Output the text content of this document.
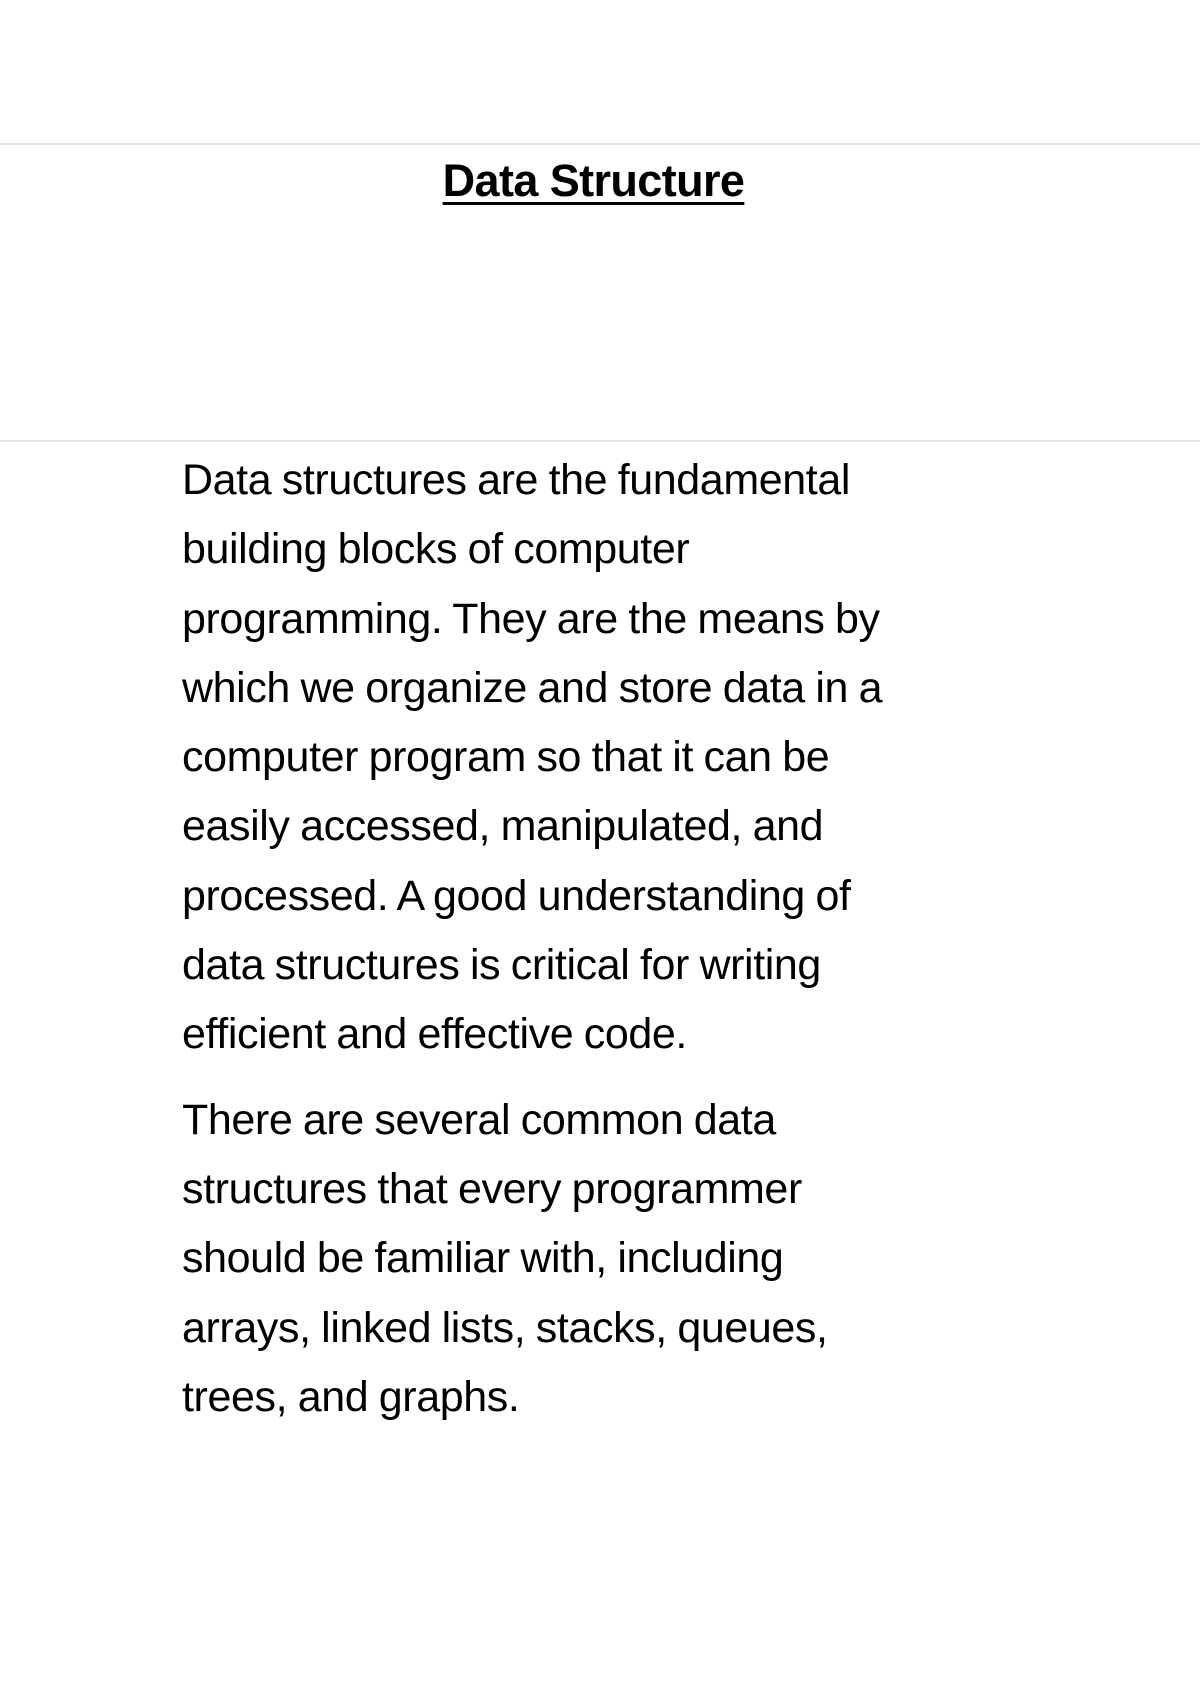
Data Structure

Data structures are the fundamental
building blocks of computer
programming. They are the means by
which we organize and store data in a
computer program so that it can be
easily accessed, manipulated, and
processed. A good understanding of
data structures is critical for writing
efficient and effective code.

There are several common data
structures that every programmer
should be familiar with, including
arrays, linked lists, stacks, queues,
trees, and graphs.
